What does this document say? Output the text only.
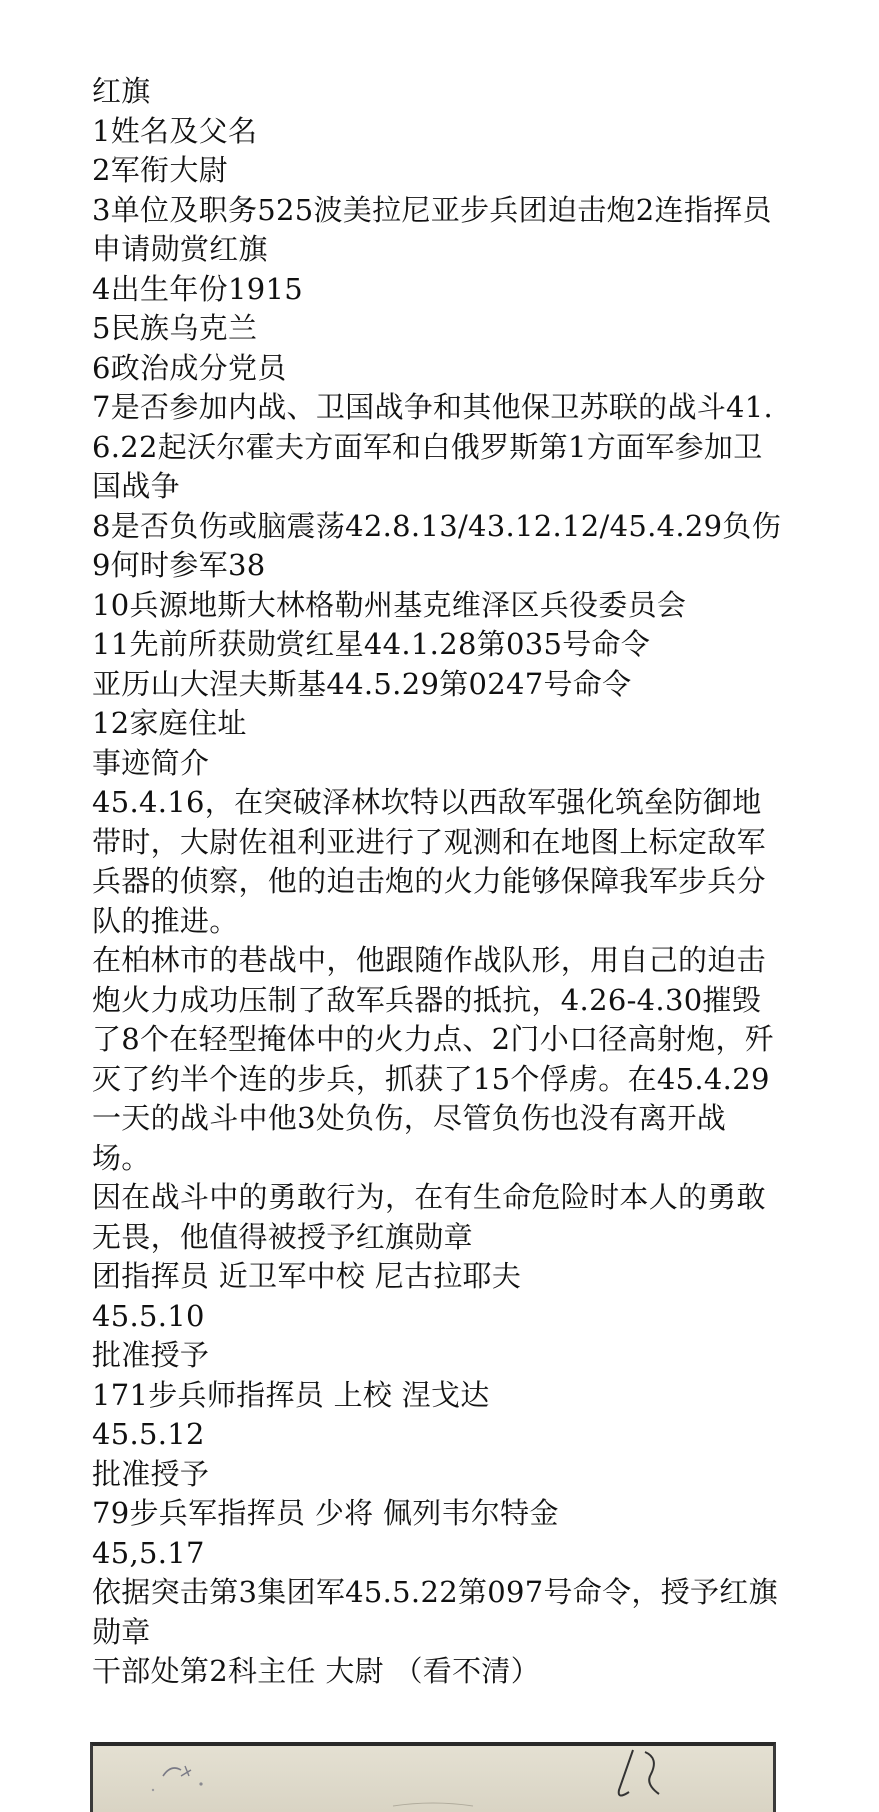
红旗
1姓名及父名
2军衔大尉
3单位及职务525波美拉尼亚步兵团迫击炮2连指挥员
申请勋赏红旗
4出生年份1915
5民族乌克兰
6政治成分党员
7是否参加内战、卫国战争和其他保卫苏联的战斗41.6.22起沃尔霍夫方面军和白俄罗斯第1方面军参加卫国战争
8是否负伤或脑震荡42.8.13/43.12.12/45.4.29负伤
9何时参军38
10兵源地斯大林格勒州基克维泽区兵役委员会
11先前所获勋赏红星44.1.28第035号命令
亚历山大涅夫斯基44.5.29第0247号命令
12家庭住址
事迹简介
45.4.16，在突破泽林坎特以西敌军强化筑垒防御地带时，大尉佐祖利亚进行了观测和在地图上标定敌军兵器的侦察，他的迫击炮的火力能够保障我军步兵分队的推进。
在柏林市的巷战中，他跟随作战队形，用自己的迫击炮火力成功压制了敌军兵器的抵抗，4.26-4.30摧毁了8个在轻型掩体中的火力点、2门小口径高射炮，歼灭了约半个连的步兵，抓获了15个俘虏。在45.4.29一天的战斗中他3处负伤，尽管负伤也没有离开战场。
因在战斗中的勇敢行为，在有生命危险时本人的勇敢无畏，他值得被授予红旗勋章
团指挥员 近卫军中校 尼古拉耶夫
45.5.10
批准授予
171步兵师指挥员 上校 涅戈达
45.5.12
批准授予
79步兵军指挥员 少将 佩列韦尔特金
45,5.17
依据突击第3集团军45.5.22第097号命令，授予红旗勋章
干部处第2科主任 大尉 （看不清）
